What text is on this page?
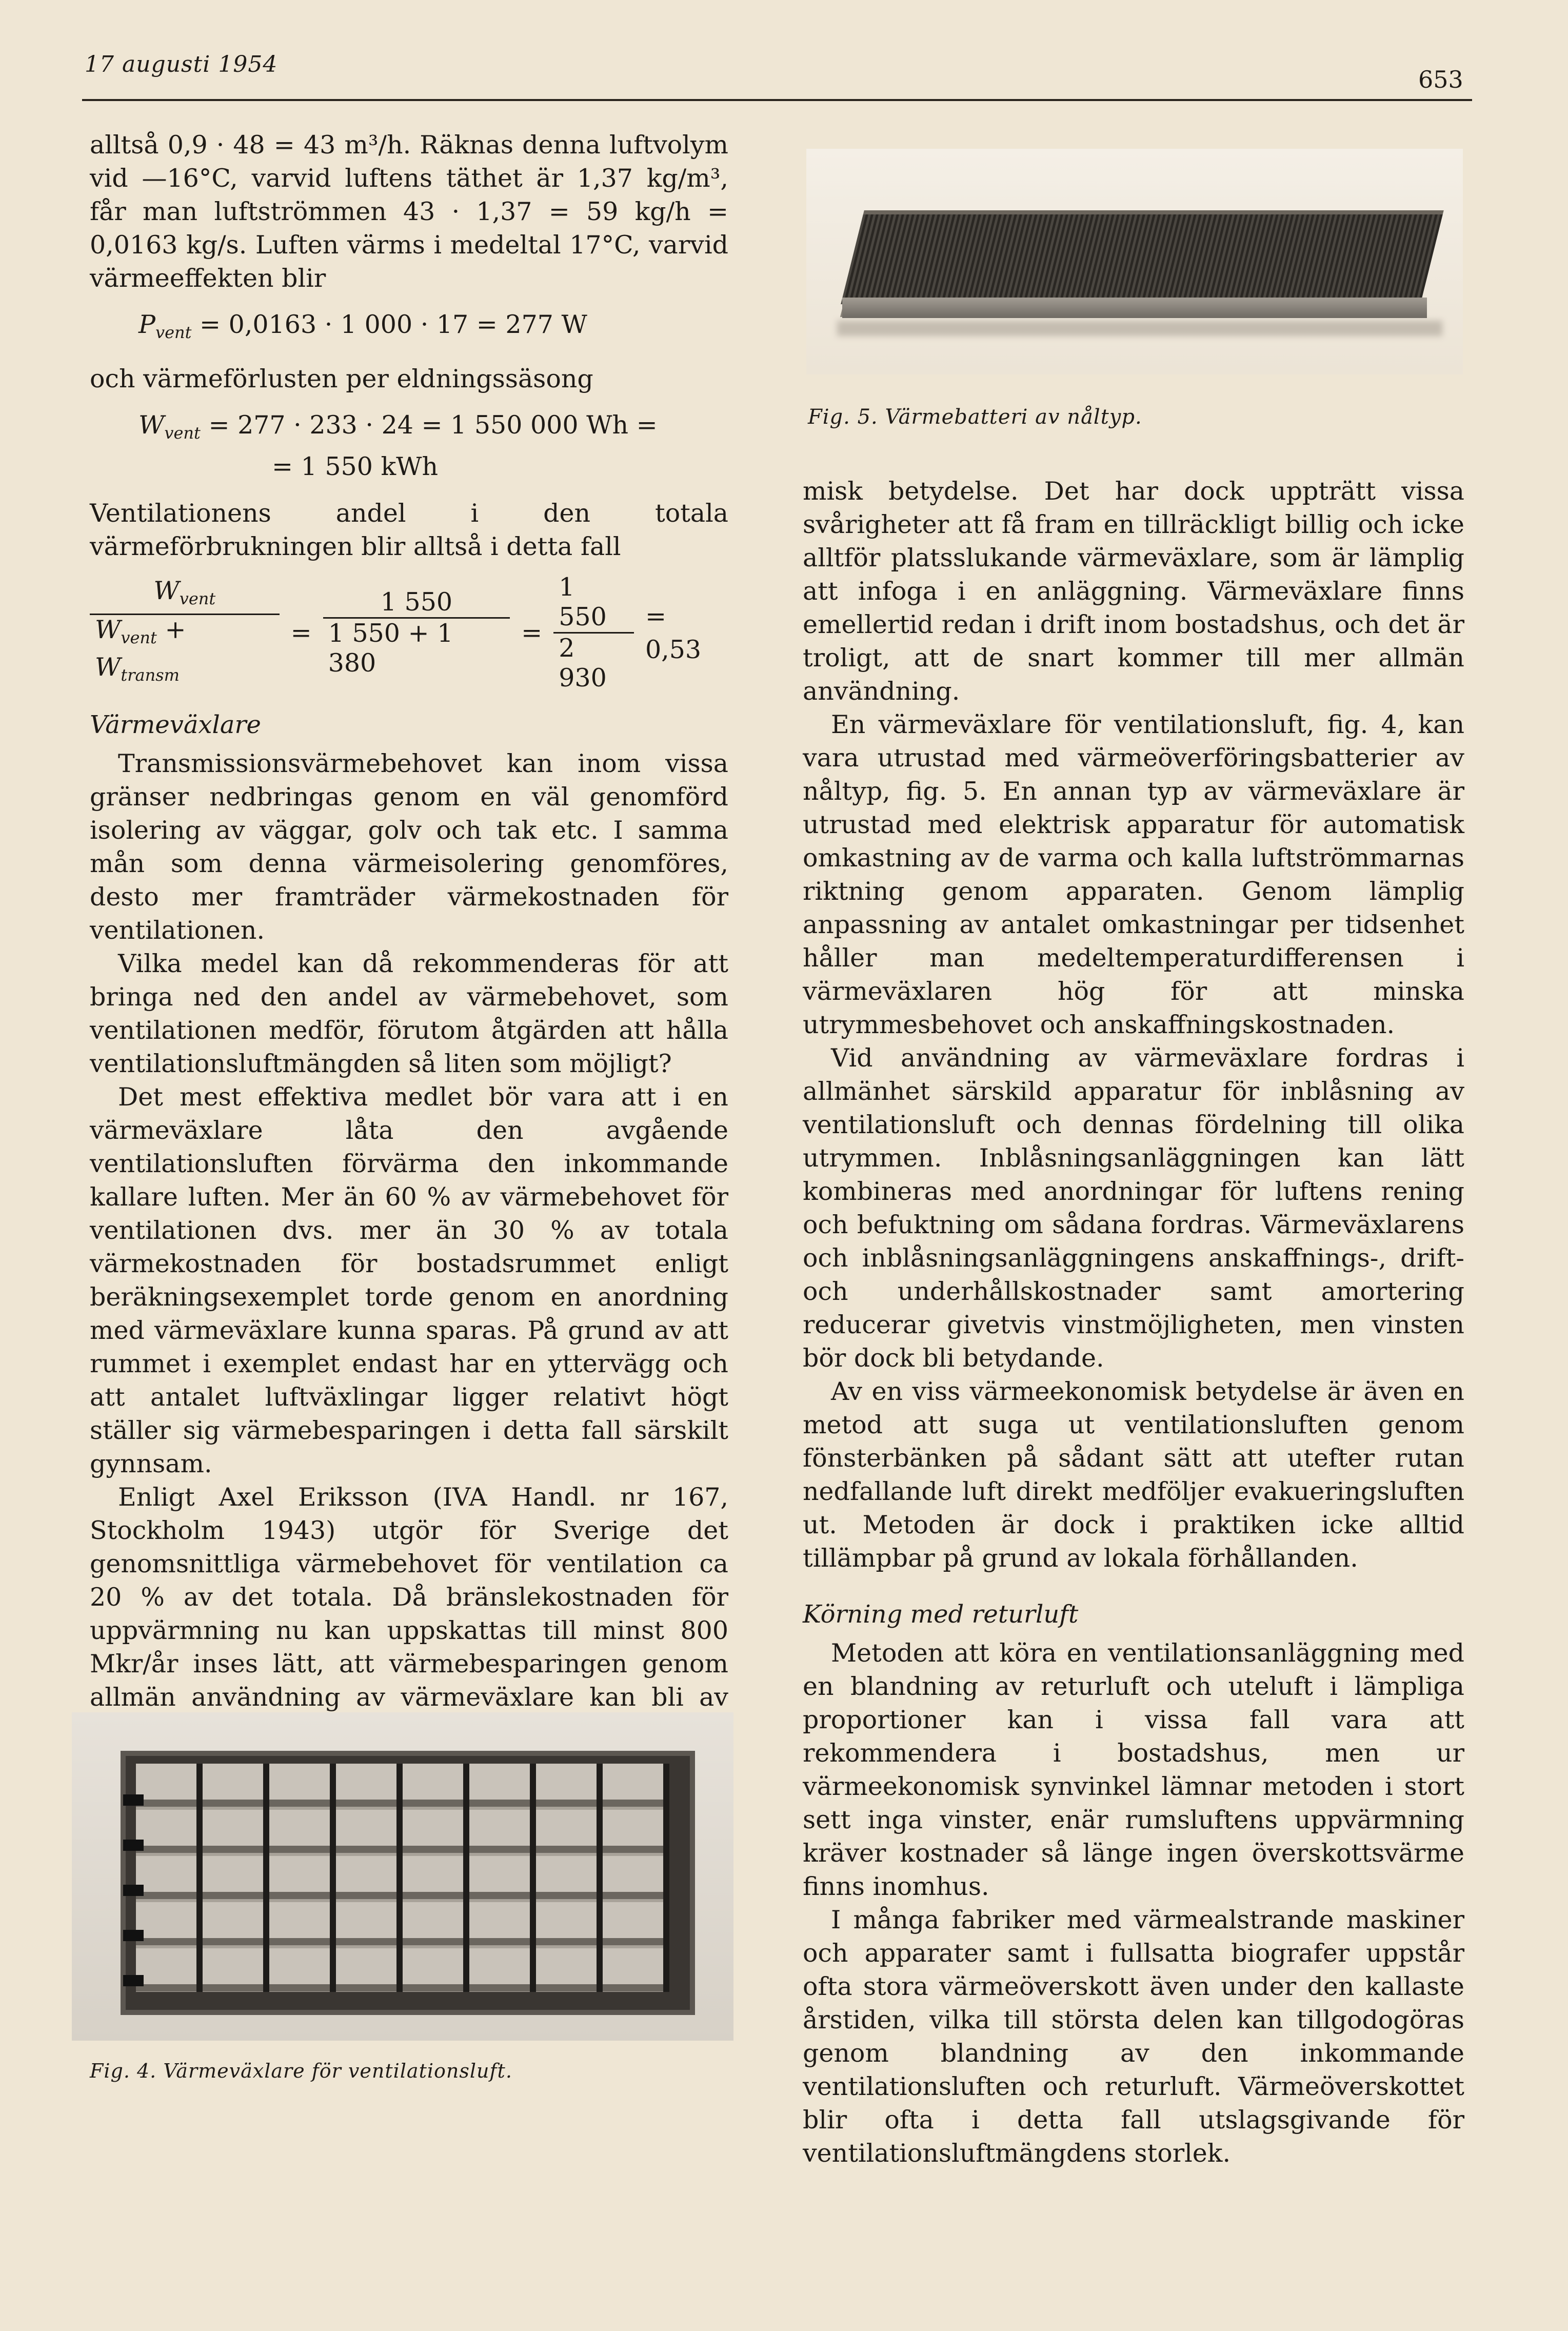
17 augusti 1954
653

alltså 0,9 · 48 = 43 m³/h. Räknas denna luftvolym vid —16°C, varvid luftens täthet är 1,37 kg/m³, får man luftströmmen 43 · 1,37 = 59 kg/h = 0,0163 kg/s. Luften värms i medeltal 17°C, varvid värmeeffekten blir

$P_{vent} = 0,0163 \cdot 1$ 000 · 17 = 277 W

och värmeförlusten per eldningssäsong

$W_{vent} = 277 \cdot 233 \cdot 24 = 1$ 550 000 Wh =
= 1 550 kWh

Ventilationens andel i den totala värmeförbrukningen blir alltså i detta fall

$\frac{W_{vent}}{W_{vent} + W_{transm}} = \frac{1 550}{1 550 + 1 380} = \frac{1 550}{2 930} = 0,53$
Värmeväxlare

Transmissionsvärmebehovet kan inom vissa gränser nedbringas genom en väl genomförd isolering av väggar, golv och tak etc. I samma mån som denna värmeisolering genomföres, desto mer framträder värmekostnaden för ventilationen.

Vilka medel kan då rekommenderas för att bringa ned den andel av värmebehovet, som ventilationen medför, förutom åtgärden att hålla ventilationsluftmängden så liten som möjligt?

Det mest effektiva medlet bör vara att i en värmeväxlare låta den avgående ventilationsluften förvärma den inkommande kallare luften. Mer än 60 % av värmebehovet för ventilationen dvs. mer än 30 % av totala värmekostnaden för bostadsrummet enligt beräkningsexemplet torde genom en anordning med värmeväxlare kunna sparas. På grund av att rummet i exemplet endast har en yttervägg och att antalet luftväxlingar ligger relativt högt ställer sig värmebesparingen i detta fall särskilt gynnsam.

Enligt Axel Eriksson (IVA Handl. nr 167, Stockholm 1943) utgör för Sverige det genomsnittliga värmebehovet för ventilation ca 20 % av det totala. Då bränslekostnaden för uppvärmning nu kan uppskattas till minst 800 Mkr/år inses lätt, att värmebesparingen genom allmän användning av värmeväxlare kan bli av

Fig. 5. Värmebatteri av nåltyp.

misk betydelse. Det har dock uppträtt vissa svårigheter att få fram en tillräckligt billig och icke alltför platsslukande värmeväxlare, som är lämplig att infoga i en anläggning. Värmeväxlare finns emellertid redan i drift inom bostadshus, och det är troligt, att de snart kommer till mer allmän användning.

En värmeväxlare för ventilationsluft, fig. 4, kan vara utrustad med värmeöverföringsbatterier av nåltyp, fig. 5. En annan typ av värmeväxlare är utrustad med elektrisk apparatur för automatisk omkastning av de varma och kalla luftströmmarnas riktning genom apparaten. Genom lämplig anpassning av antalet omkastningar per tidsenhet håller man medeltemperaturdifferensen i värmeväxlaren hög för att minska utrymmesbehovet och anskaffningskostnaden.

Vid användning av värmeväxlare fordras i allmänhet särskild apparatur för inblåsning av ventilationsluft och dennas fördelning till olika utrymmen. Inblåsningsanläggningen kan lätt kombineras med anordningar för luftens rening och befuktning om sådana fordras. Värmeväxlarens och inblåsningsanläggningens anskaffnings-, drift- och underhållskostnader samt amortering reducerar givetvis vinstmöjligheten, men vinsten bör dock bli betydande.

Av en viss värmeekonomisk betydelse är även en metod att suga ut ventilationsluften genom fönsterbänken på sådant sätt att utefter rutan nedfallande luft direkt medföljer evakueringsluften ut. Metoden är dock i praktiken icke alltid tillämpbar på grund av lokala förhållanden.

Körning med returluft

Metoden att köra en ventilationsanläggning med en blandning av returluft och uteluft i lämpliga proportioner kan i vissa fall vara att rekommendera i bostadshus, men ur värmeekonomisk synvinkel lämnar metoden i stort sett inga vinster, enär rumsluftens uppvärmning kräver kostnader så länge ingen överskottsvärme finns inomhus.

I många fabriker med värmealstrande maskiner och apparater samt i fullsatta biografer uppstår ofta stora värmeöverskott även under den kallaste årstiden, vilka till största delen kan tillgodogöras genom blandning av den inkommande ventilationsluften och returluft. Värmeöverskottet blir ofta i detta fall utslagsgivande för ventilationsluftmängdens storlek.

Fig. 4. Värmeväxlare för ventilationsluft.
